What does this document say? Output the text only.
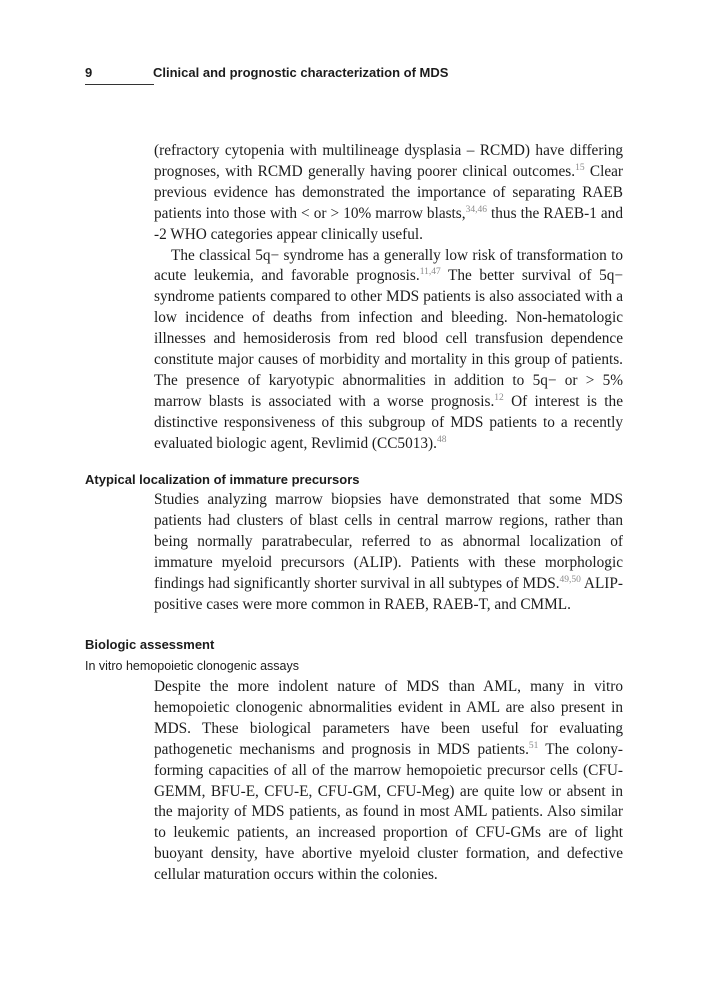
9	Clinical and prognostic characterization of MDS

(refractory cytopenia with multilineage dysplasia – RCMD) have differing prognoses, with RCMD generally having poorer clinical outcomes.$^{15}$ Clear previous evidence has demonstrated the importance of separating RAEB patients into those with < or > 10% marrow blasts,$^{34,46}$ thus the RAEB-1 and -2 WHO categories appear clinically useful.

The classical 5q− syndrome has a generally low risk of transformation to acute leukemia, and favorable prognosis.$^{11,47}$ The better survival of 5q− syndrome patients compared to other MDS patients is also associated with a low incidence of deaths from infection and bleeding. Non-hematologic illnesses and hemosiderosis from red blood cell transfusion dependence constitute major causes of morbidity and mortality in this group of patients. The presence of karyotypic abnormalities in addition to 5q− or > 5% marrow blasts is associated with a worse prognosis.$^{12}$ Of interest is the distinctive responsiveness of this subgroup of MDS patients to a recently evaluated biologic agent, Revlimid (CC5013).$^{48}$

Atypical localization of immature precursors

Studies analyzing marrow biopsies have demonstrated that some MDS patients had clusters of blast cells in central marrow regions, rather than being normally paratrabecular, referred to as abnormal localization of immature myeloid precursors (ALIP). Patients with these morphologic findings had significantly shorter survival in all subtypes of MDS.$^{49,50}$ ALIP-positive cases were more common in RAEB, RAEB-T, and CMML.

Biologic assessment
In vitro hemopoietic clonogenic assays

Despite the more indolent nature of MDS than AML, many in vitro hemopoietic clonogenic abnormalities evident in AML are also present in MDS. These biological parameters have been useful for evaluating pathogenetic mechanisms and prognosis in MDS patients.$^{51}$ The colony-forming capacities of all of the marrow hemopoietic precursor cells (CFU-GEMM, BFU-E, CFU-E, CFU-GM, CFU-Meg) are quite low or absent in the majority of MDS patients, as found in most AML patients. Also similar to leukemic patients, an increased proportion of CFU-GMs are of light buoyant density, have abortive myeloid cluster formation, and defective cellular maturation occurs within the colonies.
